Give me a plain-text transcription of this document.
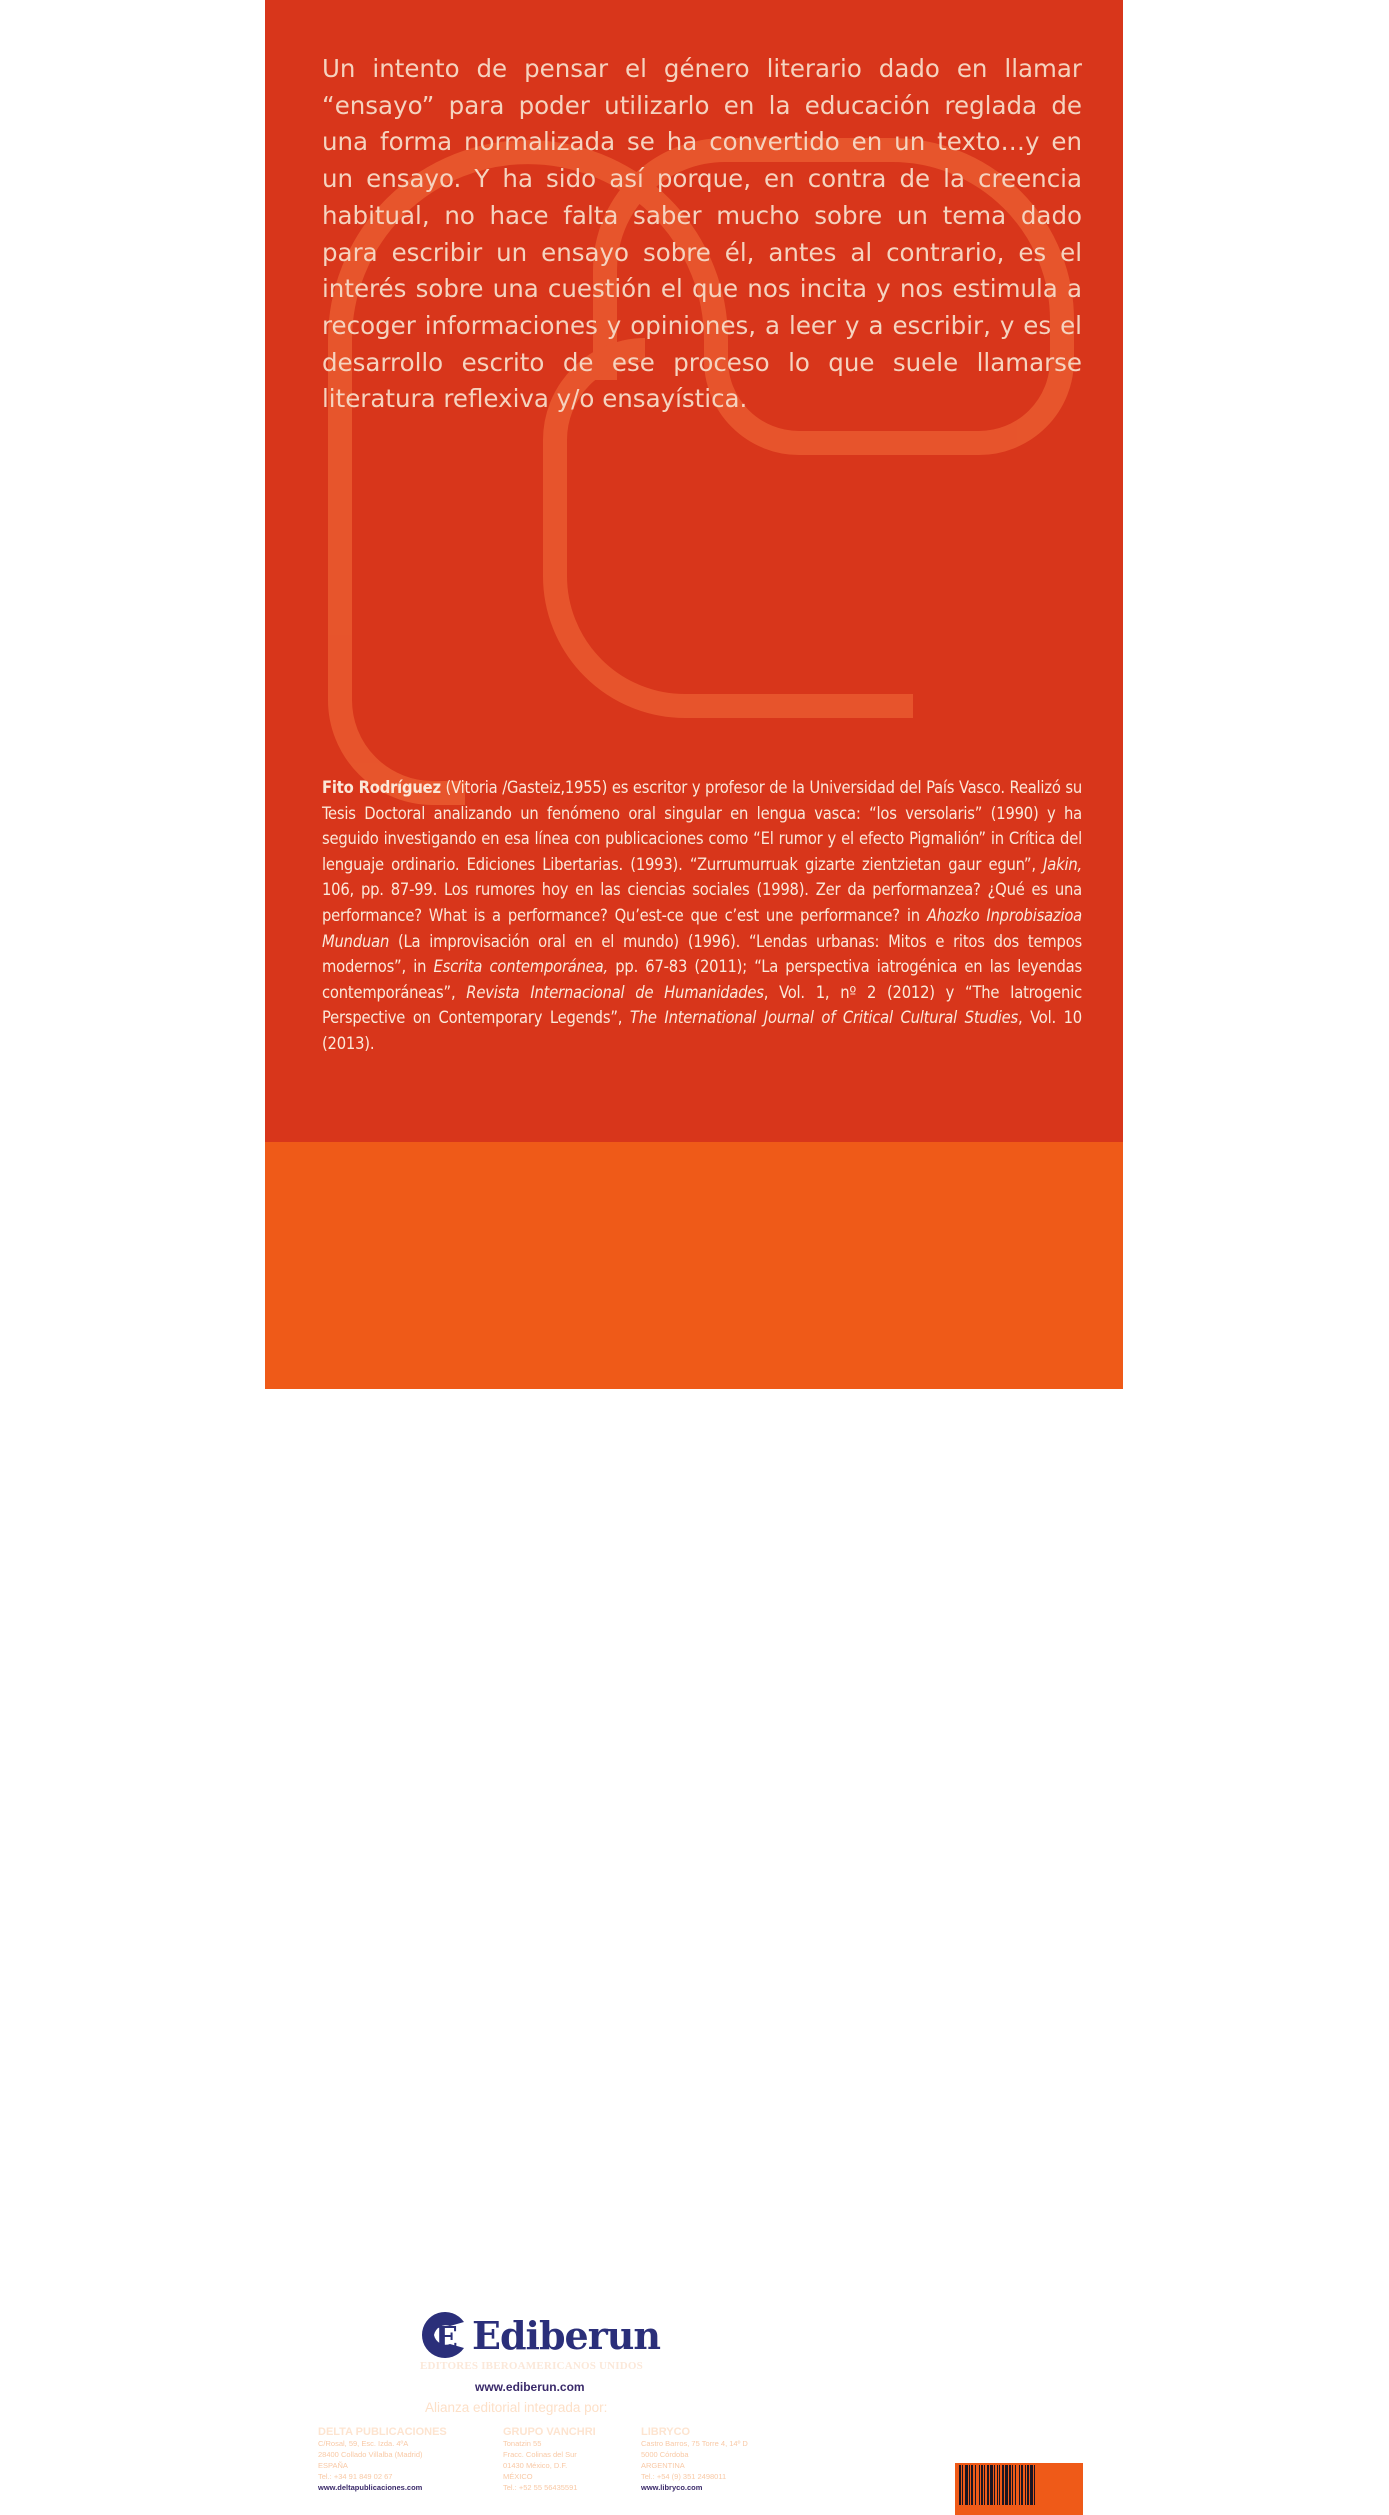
Un intento de pensar el género literario dado en llamar “ensayo” para poder utilizarlo en la educación reglada de una forma normalizada se ha convertido en un texto…y en un ensayo. Y ha sido así porque, en contra de la creencia habitual, no hace falta saber mucho sobre un tema dado para escribir un ensayo sobre él, antes al contrario, es el interés sobre una cuestión el que nos incita y nos estimula a recoger informaciones y opiniones, a leer y a escribir, y es el desarrollo escrito de ese proceso lo que suele llamarse literatura reflexiva y/o ensayística.

Fito Rodríguez (Vitoria /Gasteiz,1955) es escritor y profesor de la Universidad del País Vasco. Realizó su Tesis Doctoral analizando un fenómeno oral singular en lengua vasca: “los versolaris” (1990) y ha seguido investigando en esa línea con publicaciones como “El rumor y el efecto Pigmalión” in Crítica del lenguaje ordinario. Ediciones Libertarias. (1993). “Zurrumurruak gizarte zientzietan gaur egun”, Jakin, 106, pp. 87-99. Los rumores hoy en las ciencias sociales (1998). Zer da performanzea? ¿Qué es una performance? What is a performance? Qu’est-ce que c’est une performance? in Ahozko Inprobisazioa Munduan (La improvisación oral en el mundo) (1996). “Lendas urbanas: Mitos e ritos dos tempos modernos”, in Escrita contemporánea, pp. 67-83 (2011); “La perspectiva iatrogénica en las leyendas contemporáneas”, Revista Internacional de Humanidades, Vol. 1, nº 2 (2012) y “The Iatrogenic Perspective on Contemporary Legends”, The International Journal of Critical Cultural Studies, Vol. 10 (2013).

E Ediberun
EDITORES IBEROAMERICANOS UNIDOS
www.ediberun.com
Alianza editorial integrada por:
DELTA PUBLICACIONES
C/Rosal, 59, Esc. Izda. 4ºA
28400 Collado Villalba (Madrid)
ESPAÑA
Tel.: +34 91 849 02 67
www.deltapublicaciones.com
GRUPO VANCHRI
Tonatzin 55
Fracc. Colinas del Sur
01430 México, D.F.
MÉXICO
Tel.: +52 55 56435591
LIBRYCO
Castro Barros, 75 Torre 4, 14º D
5000 Córdoba
ARGENTINA
Tel.: +54 (9) 351 2498011
www.libryco.com
